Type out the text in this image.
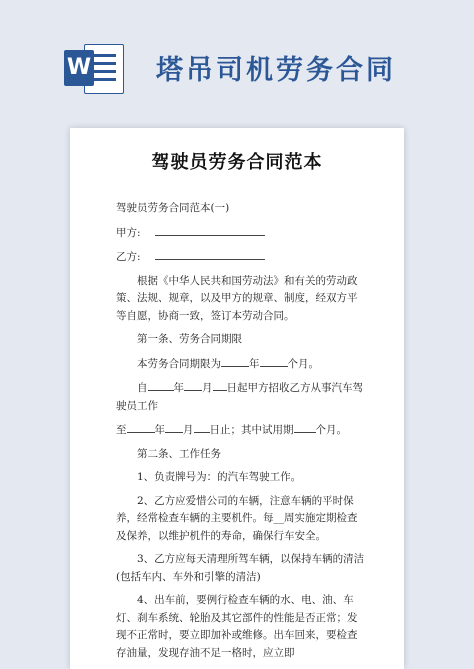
W 塔吊司机劳务合同
驾驶员劳务合同范本

驾驶员劳务合同范本(一)

甲方:

乙方:

根据《中华人民共和国劳动法》和有关的劳动政策、法规、规章，以及甲方的规章、制度，经双方平等自愿，协商一致，签订本劳动合同。

第一条、劳务合同期限

本劳务合同期限为	年	个月。

自 年 月 日起甲方招收乙方从事汽车驾驶员工作

至	年 月 日止；其中试用期 个月。

第二条、工作任务

1、负责牌号为：的汽车驾驶工作。

2、乙方应爱惜公司的车辆，注意车辆的平时保养，经常检查车辆的主要机件。每__周实施定期检查及保养，以维护机件的寿命，确保行车安全。

3、乙方应每天清理所驾车辆，以保持车辆的清洁(包括车内、车外和引擎的清洁)

4、出车前，要例行检查车辆的水、电、油、车灯、刹车系统、轮胎及其它部件的性能是否正常；发现不正常时，要立即加补或维修。出车回来，要检查存油量，发现存油不足一格时，应立即
